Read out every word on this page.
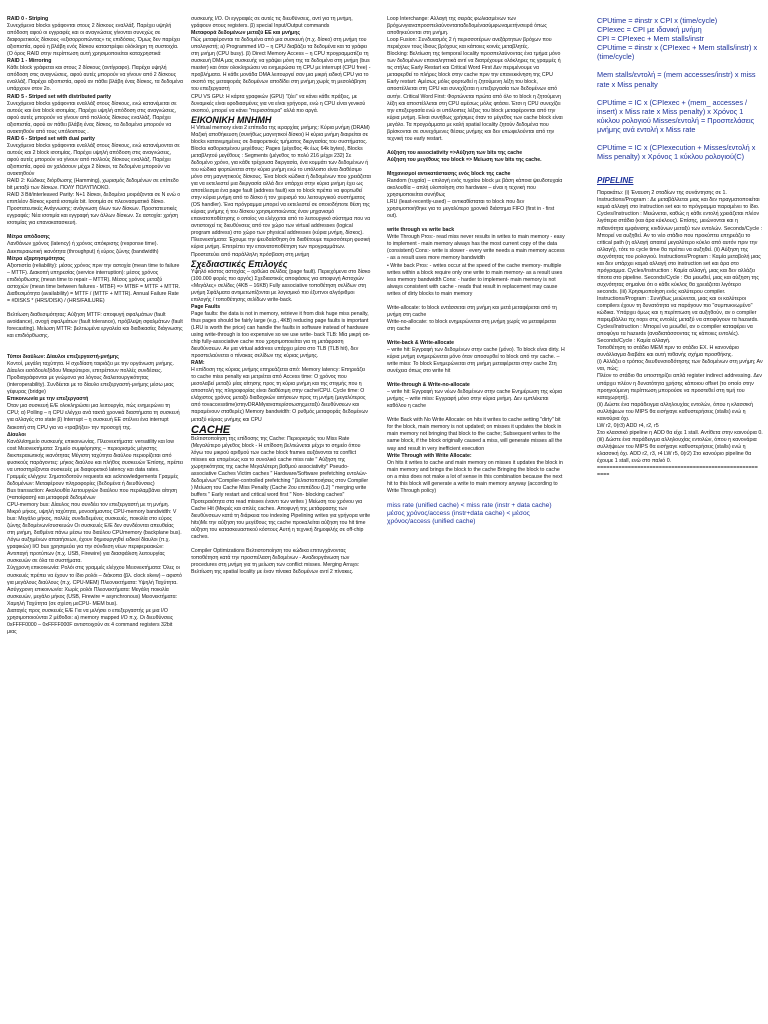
RAID 0 - Striping

Συνεχόμενα blocks γράφονται στους 2 δίσκους εναλλάξ. Παρέχει υψηλή απόδοση αφού οι εγγραφές και οι αναγνώσεις γίνονται συνεχώς σε διαφορετικούς δίσκους «εξισορροπώντας» τις επιδόσεις. Όμως δεν παρέχει αξιοπιστία, αφού η βλάβη ενός δίσκου καταστρέφει ολόκληρη τη συστοιχία. (Ο όρος RAID στην περίπτωση αυτή χρησιμοποιείται καταχρηστικά

RAID 1 - Mirroring

Κάθε block γράφεται και στους 2 δίσκους (αντίγραφο). Παρέχει υψηλή απόδοση στις αναγνώσεις, αφού αυτές μπορούν να γίνουν από 2 δίσκους εναλλάξ. Παρέχει αξιοπιστία, αφού αν πάθει βλάβη ένας δίσκος, τα δεδομένα υπάρχουν στον 2ο.

RAID 5 - Striped set with distributed parity

Συνεχόμενα blocks γράφονται εναλλάξ στους δίσκους, ενώ κατανέμεται σε αυτούς και ένα block ισοτιμίας. Παρέχει υψηλή απόδοση στις αναγνώσεις, αφού αυτές μπορούν να γίνουν από πολλούς δίσκους εναλλάξ. Παρέχει αξιοπιστία, αφού αν πάθει βλάβη ένας δίσκος, τα δεδομένα μπορούν να ανακτηθούν από τους υπόλοιπους .

RAID 6 - Striped set with dual parity

Συνεχόμενα blocks γράφονται εναλλάξ στους δίσκους, ενώ κατανέμονται σε αυτούς και 2 block ισοτιμίας. Παρέχει υψηλή απόδοση στις αναγνώσεις, αφού αυτές μπορούν να γίνουν από πολλούς δίσκους εναλλάξ. Παρέχει αξιοπιστία, αφού αν χαλάσουν μέχρι 2 δίσκοι, τα δεδομένα μπορούν να ανακτηθούν

RAID 2: Κώδικες διόρθωσης (Hamming), χωρισμός δεδομένων σε επίπεδο bit μεταξύ των δίσκων. ΠΟΛΥ ΠΟΛΥΠΛΟΚΟ.

RAID 3 Bit/interleaved Parity: N+1 δίσκοι, δεδομένα μοιράζονται σε N ενώ ο επιπλέον δίσκος κρατά ισοτιμία bit. Ισοτιμία σε πλεονασματικό δίσκο. Προστατευτικές Ανάγνωσης: ανάγνωση όλων των δίσκων. Προστατευτικές εγγραφές: Νέα ισοτιμία και εγγραφή των άλλων δίσκων. Σε αστοχία: χρήση ισοτιμίας για επανακατασκευή.

Μέτρα απόδοσης

Λανθάνων χρόνος (latency) ή χρόνος απόκρισης (response time). Διεκπεραιωτική ικανότητα (throughput) ή εύρος ζώνης (bandwidth)

Μέτρα εξαρτησιμότητας

Αξιοπιστία (reliability): μέσος χρόνος πριν την αστοχία (mean time to failure – MTTF). Διακοπή υπηρεσίας (service interruption): μέσος χρόνος επιδιόρθωσης (mean time to repair – MTTR). Μέσος χρόνος μεταξύ αστοχιών (mean time between failures - MTBF) => MTBF = MTTF + MTTR. Διαθεσιμότητα (availability) = MTTF / (MTTF + MTTR). Annual Failure Rate = #DISKS * (HRS/DISK) / (HRS/FAILURE)

Βελτίωση διαθεσιμότητας: Αύξηση MTTF: αποφυγή σφαλμάτων (fault avoidance), ανοχή σφαλμάτων (fault tolerance), πρόβλεψη σφαλμάτων (fault forecasting). Μείωση MTTR: βελτιωμένα εργαλεία και διαδικασίες διάγνωσης και επιδιόρθωσης.

Τύποι διαύλων: Δίαυλοι επεξεργαστή-μνήμης

Κοντοί, μεγάλη ταχύτητα. Η σχεδίαση ταιριάζει με την οργάνωση μνήμης. Δίαυλοι εισόδου/εξόδου Μακρύτεροι, επιτρέπουν πολλές συνδέσεις. Προδιαγράφονται με γνώμονα για λόγους διαλειτουργικότητας (interoperability). Συνδέεται με το δίαυλο επεξεργαστή-μνήμης μέσω μιας γέφυρας (bridge)

Επικοινωνία με την επεξεργαστή

Όταν μια συσκευή Ε/Ε ολοκληρώσει μια λειτουργία, πώς ενημερώνει τη CPU; α) Polling – η CPU ελέγχει ανά τακτά χρονικά διαστήματα τη συσκευή για αλλαγές στο state β) Interrupt – η συσκευή ΕΕ στέλνει ένα interrupt διακοπή στη CPU για να «τραβήξει» την προσοχή της.

Δίαυλοι

Κανάλι/σημείο συσκευής επικοινωνίας. Πλεονεκτήματα: versatility και low cost Μειονεκτήματα: Σημείο συμφόρησης – περιορισμός μέγιστης διεκπεραιωτικής ικανότητας Μέγιστη ταχύτητα διαύλου περιορίζεται από φυσικούς παράγοντες: μήκος διαύλου και πλήθος συσκευών Έπίσης, πρέπει να υποστηρίζονται συσκευές με διαφορετικό latency και data rates.

Γραμμές ελέγχου: Σηματοδοτούν requests και acknowledgements Γραμμές δεδομένων: Μεταφέρουν πληροφορίες (δεδομένα ή διευθύνσεις)

Bus transaction: Ακολουθία λειτουργιών διαύλου που περιλαμβάνει αίτηση (=αποίφαση) και μεταφορά δεδομένων

CPU-memory bus: Δίαυλος που συνδέει τον επεξεργαστή με τη μνήμη. Μικρό μήκος, υψηλή ταχύτητα, μονοσήμαντος CPU-memory bandwidth: V bus: Μεγάλο μήκος, πολλές συνδεδεμένες συσκευές, ποικιλία στο εύρος ζώνης δεδομένων/συσκευών Οι συσκευές Ε/Ε δεν συνδέονται απευθείας στη μνήμη, δαθμένα πάνω μέσω του διαύλου CPUmemory (backplane bus). Λόγω αυξημένων απαιτήσεων, έχουν δημιουργηθεί ειδικοί δίαυλοι (π.χ. γραφικών) I/O bus χρησιμεύει για την σύνδεση νέων περιφερειακών: Αντιπαγή προτύπων (π.χ. USB, Firewire) για διασφάλιση λειτουργίας συσκευών σε όλα τα συστήματα.

Σύγχρονη επικοινωνία: Ρολόι στις γραμμές ελέγχου Μειονεκτήματα: Όλες οι συσκευές πρέπει να έχουν το ίδιο ρολόι – διάκοπα (βλ. clock skew) – αφιστό για μεγάλους διαύλους (π.χ. CPU-MEM) Πλεονεκτήματα: Υψηλή Ταχύτητα.

Ασύγχρονη επικοινωνία: Χωρίς ρολόι Πλεονεκτήματα: Μεγάλη ποικιλία συσκευών, μεγάλο μήκος (USB, Firewire = asynchronous) Μειονεκτήματα: Χαμηλή Ταχύτητα (σε σχέση μεCPU- MEM bus).

Διαταγές προς συσκευές Ε/Ε Για να μιλήσει ο επεξεργαστής με μια I/O χρησιμοποιούνται 2 μέθοδοι: a) memory mapped I/O π.χ. Οι διευθύνσεις 0xFFFF0000 – 0xFFFF000F αντιστοιχούν σε 4 command registers 32bit μιας

συσκευής I/O. Οι εγγραφές σε αυτές τις διευθύνσεις, αντί για τη μνήμη, γράφουν στους registers. β) special Input/Output commands

Μεταφορά δεδομένων μεταξύ ΕΕ και μνήμης

Πώς μεταφέρονται τα δεδομένα από μια συσκευή (π.χ. δίσκο) στη μνήμη του υπολογιστή; a) Programmed I/O – η CPU διαβάζει τα δεδομένα και τα γράφει στη μνήμη (CPU busy). β) Direct Memory Access – η CPU προγραμματίζει τη συσκευή DMA μας συσκευής να γράψει μόνη της τα δεδομένα στη μνήμη (bus master) και όταν ολοκληρώσει να ενημερώσει τη CPU με interrupt (CPU free) - προβλήματα. Η κάθε μονάδα DMA λειτουργεί σαν μια μικρή ειδική CPU για το σκοπό της μεταφοράς δεδομένων αποδίδει στη μνήμη χωρίς τη μεσολάβηση του επεξεργαστή

CPU VS GPU: Η κάρτα γραφικών (GPU) "ζέει" να κάνει κάθε πράξεις, με δυναμικές είναι εφοδιασμένες για να είναι γρήγορα, ενώ η CPU είναι γενικού σκοπού, μπορεί να κάνει "περισσότερα" αλλά πιο αργά.

ΕΙΚΟΝΙΚΗ ΜΝΗΜΗ

Η Virtual memory είναι 2 επίπεδα της ιεραρχίας μνήμης: Κύρια μνήμη (DRAM) Μαζική αποθήκευση (συνήθως μαγνητικοί δίσκοι) Η κύρια μνήμη διαιρείται σε blocks κατανεμημένες σε διαφορετικές τμήματος διεργασίας του συστήματος. Blocks καθορισμένου μεγέθους: Pages (μέγεθος 4k έως 64k bytes), Blocks μεταβλητού μεγέθους : Segments (μέγεθος το πολύ 216 μέχρι 232) Σε δεδομένο χρόνο, για κάθε τρέχουσα διεργασία, ένα κομμάτι των δεδομένων ή του κώδικα φορτώνεται στην κύρια μνήμη ενώ το υπόλοιπο είναι διαθέσιμο μόνο στη μαγνητικούς δίσκους. Ένα block κώδικα ή δεδομένων που χρειάζεται για να εκτελεστεί μια διεργασία αλλά δεν υπάρχει στην κύρια μνήμη έχει ως αποτέλεσμα ένα page fault (address fault) και το block πρέπει να φορτωθεί στην κύρια μνήμη από το δίσκο ή τον χειρισμό του λειτουργικού συστήματος (OS handler). Ένα πρόγραμμα μπορεί να εκτελεστεί σε οποιοδήποτε θέση της κύριας μνήμης ή του δίσκου χρησιμοποιώντας έναν μηχανισμό επανατοποθέτησης ο οποίος να ελέγχεται από το λειτουργικό σύστημα που να αντιστοιχεί τις διευθύνσεις από τον χώρο των virtual addresses (logical program address) στο χώρο των physical addresses (κύρια μνήμη, δίσκος). Πλεονεκτήματα: Έχουμε την ψευδαίσθηση ότι διαθέτουμε περισσότερη φυσική κύρια μνήμη. Επιτρέπει την επανατοποθέτηση των προγραμμάτων. Προστατεύει από παράλληλη πρόσβαση στη μνήμη

Σχεδιαστικές Επιλογές

Υψηλό κόστος αστοχίας – ορθώια σελίδας (page fault). Περιεχόμενα στο δίσκο (100.000 φορές πιο αργός) Σχεδιαστικές αποφάσεις για αποφυγή Αστοχιών «Μεγάλες» σελίδες (4KB – 16KB) Fully associative τοποθέτηση σελίδων στη μνήμη Σφάλματα αντιμετωπίζονται με λογισμικό πιο έξυπνοι αλγόριθμοι επιλογής / τοποθέτησης σελίδων write-back.

Page Faults

Page faults: the data is not in memory, retrieve it from disk huge miss penalty, thus pages should be fairly large (e.g., 4KB) reducing page faults is important (LRU is worth the price) can handle the faults in software instead of hardware using write-through is too expensive so we use write- back TLB: Μία μικρή on-chip fully-associative cache που χρησιμοποιείται για τη μετάφραση διευθύνσεων. Αν μια virtual address υπάρχει μέσα στο TLB (TLB hit), δεν προσπελαύνεται ο πίνακας σελίδων της κύριας μνήμης.

RAM:

Η επίδοση της κύριας μνήμης επηρεάζεται από: Memory latency: Επηρεάζει το cache miss penalty και μετριέται από Access time: Ο χρόνος που μεσολαβεί μεταξύ μίας αίτησης προς τη κύρια μνήμη και της στιγμής που η αποστολή της πληροφορίας είναι διαθέσιμη στην cache/CPU. Cycle time: Ο ελάχιστος χρόνος μεταξύ διαδοχικών αιτήσεων προς τη μνήμη (μεγαλύτερος από τονaccesstime)στηνDRAMγιαναπερίσσωσηςμεταξύ διευθύνσεων και παραμένουν σταθερές) Memory bandwidth: Ο ρυθμός μεταφοράς δεδομένων μεταξύ κύριας μνήμης και CPU

CACHE

Βελτιστοποίηση της επίδοσης της Cache: Περιορισμός του Miss Rate (Μεγαλύτερο μέγεθος block - Η επίδοση βελτιώνεται μέχρι το σημείο όπου λόγω του μικρού αριθμού των cache block frames αυξάνονται τα conflict misses και επομένως και το συνολικό cache miss rate " Αύξηση της χωρητικότητας της cache Μεγαλύτερη βαθμού associativity" Pseudo-associative Caches Victim caches " Hardware/Software prefetching εντολών-δεδομένων"Compiler-controlled prefetching " βελτιστοποιήσεις στον Compiler ) Μείωση του Cache Miss Penalty (Cache 2ου επιπέδου (L2) " merging write buffers " Early restart and critical word first " Non- blocking caches" Προτεραιότητα στα read misses έναντι των writes ) Μείωση του χρόνου για Cache Hit (Μικρές και απλές caches. Αποφυγή της μετάφρασης των διευθύνσεων κατά τη διάρκεια του indexing Pipelining writes για γρήγορα write hits)Με την αύξηση του μεγέθους της cache προκαλείται αύξηση του hit time αύξηση του κατασκευαστικού κόστους Αυτή η τεχνική δημοφιλής σε off-chip caches.

Compiler Optimizations Βελτιστοποίηση του κώδικα επιτυγχάνοντας τοποθέτηση κατά την προσπέλαση δεδομένων - Αναδιοργάνωση των procedures στη μνήμη για τη μείωση των conflict misses. Merging Arrays: Βελτίωση της spatial locality με έναν πίνακα δεδομένων αντί 2 πίνακες.

Loop Interchange: Αλλαγή της σειράς φωλιασμένων των βρόχωνγιαναπροσπελαύνονταιταδεδομένασύμφωναμετήνσειρά όπως αποθηκεύονται στη μνήμη.

Loop Fusion: Συνδυασμός 2 ή περισσοτέρων ανεξάρτητων βρόχων που περιέχουν τους ίδιους βρόχους και κάποιες κοινές μεταβλητές.

Blocking: Βελτίωση της temporal locality προσπελαύνοντας ένα τμήμα μόνο των δεδομένων επαναληπτικά αντί να διατρέχουμε ολόκληρες τις γραμμές ή τις στήλες Early Restart και Critical Word First Δεν περιμένουμε να μεταφερθεί το πλήρες block στην cache πριν την επανεκκίνηση της CPU Early restart: Αμέσως μόλις φορτωθεί η ζητούμενη λέξη του block, αποστέλλεται στη CPU και συνεχίζεται η επεξεργασία των δεδομένων από αυτήν. Critical Word First: Φορτώνεται πρώτα από όλο το block η ζητούμενη λέξη και αποστέλλεται στη CPU αμέσως μόλις φτάσει. Έτσι η CPU συνεχίζει την επεξεργασία ενώ οι υπόλοιπες λέξεις του block μεταφέρονται από την κύρια μνήμη. Είναι συνήθως χρήσιμες όταν το μέγεθος των cache block είναι μεγάλο. Τα προγράμματα με καλή spatial locality ζητούν δεδομένα που βρίσκονται σε συνεχόμενες θέσεις μνήμης και δεν επωφελούνται από την τεχνική του early restart.

Αύξηση του associativity =>Αύξηση των bits της cache

Αύξηση του μεγέθους του block => Μείωση των bits της cache.

Μηχανισμοί αντικατάστασης ενός block της cache

Random (τυχαία) – επιλογή ενός τυχαίου block με βάση κάποια ψευδοτυχαία ακολουθία – απλή υλοποίηση στο hardware – είναι η τεχνική που χρησιμοποιείται συνήθως

LRU (least-recently-used) – αντικαθίσταται το block που δεν χρησιμοποιήθηκε για το μεγαλύτερο χρονικό διάστημα FIFO (first in - first out).

write through vs write back

Write Through Pros:- read miss never results in writes to main memory - easy to implement - main memory always has the most current copy of the data (consistent) Cons:- write is slower - every write needs a main memory access - as a result uses more memory bandwidth

• Write back Pros: - writes occur at the speed of the cache memory- multiple writes within a block require only one write to main memory- as a result uses less memory bandwidth Cons: - harder to implement- main memory is not always consistent with cache - reads that result in replacement may cause writes of dirty blocks to main memory

Write-allocate: to block εντάσσεται στη μνήμη και μετά μεταφέρεται από τη μνήμη στη cache

Write-no-allocate: το block ενημερώνεται στη μνήμη χωρίς να μεταφέρεται στη cache

Write-back & Write-allocate

– write hit: Εγγραφή των δεδομένων στην cache (μόνο). Το block είναι dirty. Η κύρια μνήμη ενημερώνεται μόνο όταν αποσυρθεί το block από την cache. – write miss: Το block Ενημερώνεται στη μνήμη μεταφέρεται στην cache Στη συνέχεια όπως στο write hit

Write-through & Write-no-allocate

– write hit: Εγγραφή των νέων δεδομένων στην cache Ενημέρωση της κύρια μνήμης – write miss: Εγγραφή μόνο στην κύρια μνήμη. Δεν εμπλέκεται καθόλου η cache

Write Back with No Write Allocate: on hits it writes to cache setting "dirty" bit for the block, main memory is not updated; on misses it updates the block in main memory not bringing that block to the cache; Subsequent writes to the same block, if the block originally caused a miss, will generate misses all the way and result in very inefficient execution

Write Through with Write Allocate:

On hits it writes to cache and main memory on misses it updates the block in main memory and brings the block to the cache Bringing the block to cache on a miss does not make a lot of sense in this combination because the next hit to this block will generate a write to main memory anyway (according to Write Through policy)

miss rate (unified cache) < miss rate (instr + data cache)

μέσος χρόνος/access (instr+data cache) < μέσος χρόνος/access (unified cache)

CPUtime = #instr x CPI x (time/cycle)

CPIexec = CPI με ιδανική μνήμη

CPI = CPIexec + Mem stalls/instr

CPUtime = #instr x (CPIexec + Mem stalls/instr) x (time/cycle)

Mem stalls/εντολή = (mem accesses/instr) x miss rate x Miss penalty

CPUtime = IC x (CPIexec + (mem_ accesses / insert) x Miss rate x Miss penalty) x Χρόνος 1 κύκλου ρολογιού Misses/εντολή = Προσπελάσεις μνήμης ανά εντολή x Miss rate

CPUtime = IC x (CPIexecution + Misses/εντολή x Miss penalty) x Χρόνος 1 κύκλου ρολογιού(C)

PIPELINE

Παρακάτω: (i) Έναυση 2 σταδίων της συνάντησης σε 1. Instructions/Program : Δε μεταβάλλεται μιας και δεν πραγματοποιείται καμιά αλλαγή στο instruction set και το πρόγραμμα παραμένει το ίδιο. Cycles/Instruction : Μειώνεται, καθώς η κάθε εντολή χρειάζεται πλέον λιγότερα στάδια (και άρα κύκλους). Επίσης, μειώνονται και η πιθανότητα εμφάνισης κινδύνων μεταξύ των εντολών. Seconds/Cycle : Μπορεί να αυξηθεί. Αν το νέο στάδιο που προκύπτει επηρεάζει το critical path (η αλλαγή απαιτεί μεγαλύτερο κύκλο από αυτόν πριν την αλλαγή), τότε το cycle time θα πρέπει να αυξηθεί. (ii) Αύξηση της συχνότητας του ρολογιού. Instructions/Program : Καμία μεταβολή μιας και δεν υπάρχει καμιά αλλαγή στο instruction set και άρα στο πρόγραμμα. Cycles/Instruction : Καμία αλλαγή, μιας και δεν αλλάζει τίποτα στο pipeline. Seconds/Cycle : Θα μειωθεί, μιας και αύξηση της συχνότητας σημαίνει ότι ο κάθε κύκλος θα χρειάζεται λιγότερο seconds. (iii) Χρησιμοποίηση ενός καλύτερου compiler. Instructions/Program : Συνήθως μειώνεται, μιας και οι καλύτεροι compilers έχουν τη δυνατότητα να παράγουν πιο "συμπυκνωμένο" κώδικα. Υπάρχει όμως και η περίπτωση να αυξηθούν, αν ο compiler παρεμβάλλει πχ nops στις εντολές μεταξύ να αποφύγουν τα hazards. Cycles/Instruction : Μπορεί να μειωθεί, αν ο compiler καταφέρει να αποφύγει τα hazards (αναδιατάσσοντας τις κάποιες εντολές). Seconds/Cycle : Καμία αλλαγή.

Τοποθέτηση το στάδιο MEM πριν το στάδιο EX. Η κανονάριο συνάλλαγμα διαβάτε και αυτή πιθανής σχήμα προσθήκης.

(i) Αλλάζει ο τρόπος διευθυνσιοδότησης των δεδομένων στη μνήμη; Αν ναι, πώς;

Πλέον το στάδιο θα υποστηρίζει απλά register indirect addressing. Δεν υπάρχει πλέον η δυνατότητα χρήσης κάποιου offset (το οποίο στην προηγούμενη περίπτωση μπορούσε να προστεθεί στη τιμή του καταχωρητή).

(ii) Δώστε ένα παράδειγμα αλληλουχίας εντολών, όπου η κλασσική συλλήψεων του MIPS θα εισήγαγε καθυστερήσεις (stalls) ενώ η καινούρια όχι.

LW r2, 0(r3) ADD r4, r2, r5

Στο κλασσικό pipeline η ADD θα είχε 1 stall. Αντίθετα στην καινούρια 0.

(iii) Δώστε ένα παράδειγμα αλληλουχίας εντολών, όπου η κανονάρια συλλήψεων του MIPS θα εισήγαγε καθυστερήσεις (stalls) ενώ η κλασσική όχι. ADD r2, r3, r4 LW r5, 0(r2) Στο κανούριο pipeline θα έχουμε 1 stall, ενώ στο παλιό 0.

==================================================== ====
